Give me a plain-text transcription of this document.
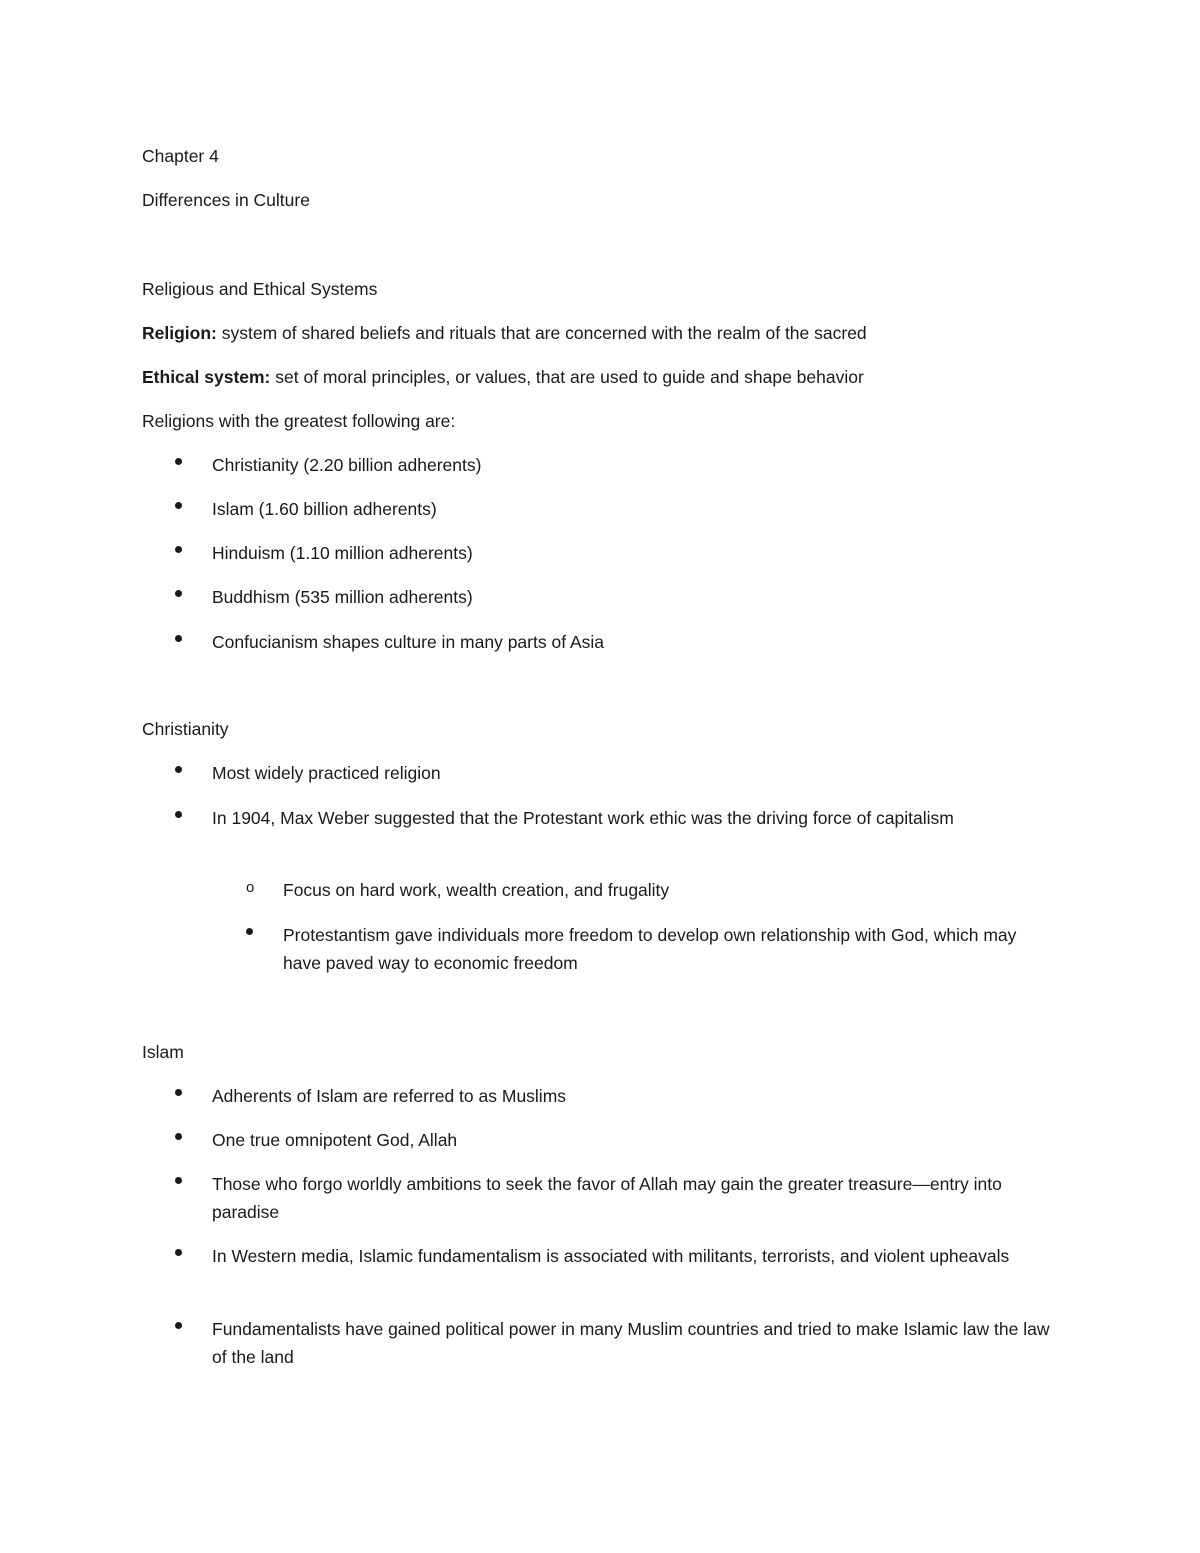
Chapter 4
Differences in Culture
Religious and Ethical Systems
Religion: system of shared beliefs and rituals that are concerned with the realm of the sacred
Ethical system: set of moral principles, or values, that are used to guide and shape behavior
Religions with the greatest following are:
Christianity (2.20 billion adherents)
Islam (1.60 billion adherents)
Hinduism (1.10 million adherents)
Buddhism (535 million adherents)
Confucianism shapes culture in many parts of Asia
Christianity
Most widely practiced religion
In 1904, Max Weber suggested that the Protestant work ethic was the driving force of capitalism
o Focus on hard work, wealth creation, and frugality
Protestantism gave individuals more freedom to develop own relationship with God, which may have paved way to economic freedom
Islam
Adherents of Islam are referred to as Muslims
One true omnipotent God, Allah
Those who forgo worldly ambitions to seek the favor of Allah may gain the greater treasure—entry into paradise
In Western media, Islamic fundamentalism is associated with militants, terrorists, and violent upheavals
Fundamentalists have gained political power in many Muslim countries and tried to make Islamic law the law of the land
